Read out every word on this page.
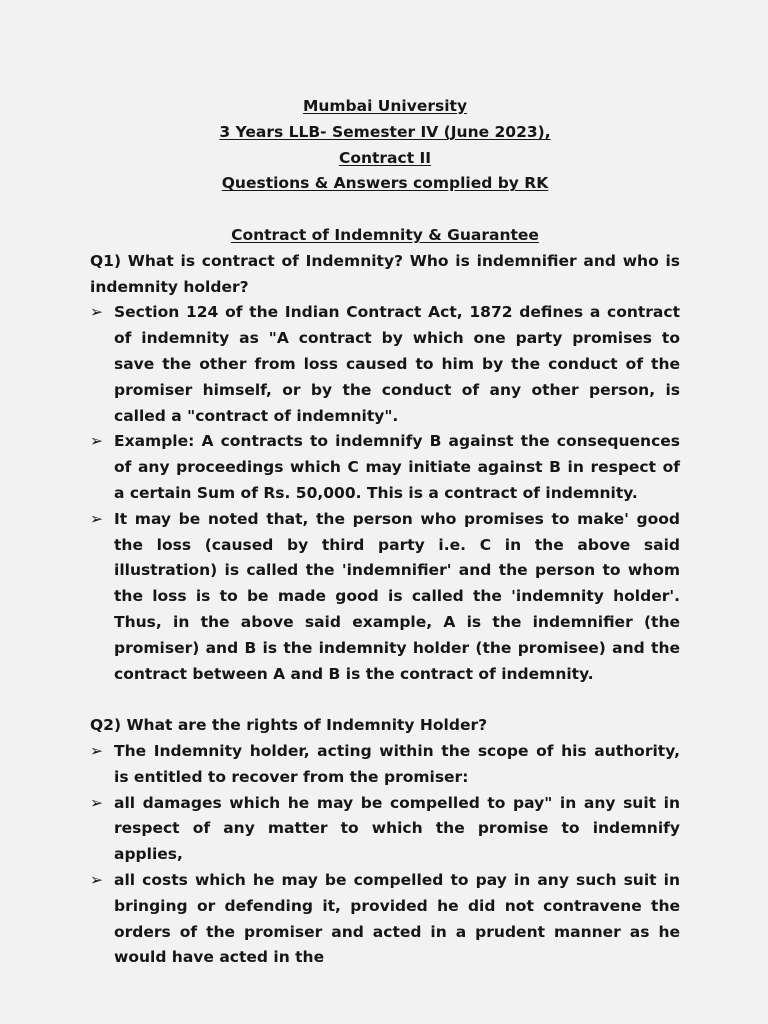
Mumbai University
3 Years LLB- Semester IV (June 2023),
Contract II
Questions & Answers complied by RK
Contract of Indemnity & Guarantee
Q1) What is contract of Indemnity? Who is indemnifier and who is indemnity holder?
➢ Section 124 of the Indian Contract Act, 1872 defines a contract of indemnity as "A contract by which one party promises to save the other from loss caused to him by the conduct of the promiser himself, or by the conduct of any other person, is called a "contract of indemnity".
➢ Example: A contracts to indemnify B against the consequences of any proceedings which C may initiate against B in respect of a certain Sum of Rs. 50,000. This is a contract of indemnity.
➢ It may be noted that, the person who promises to make' good the loss (caused by third party i.e. C in the above said illustration) is called the 'indemnifier' and the person to whom the loss is to be made good is called the 'indemnity holder'. Thus, in the above said example, A is the indemnifier (the promiser) and B is the indemnity holder (the promisee) and the contract between A and B is the contract of indemnity.
Q2) What are the rights of Indemnity Holder?
➢ The Indemnity holder, acting within the scope of his authority, is entitled to recover from the promiser:
➢ all damages which he may be compelled to pay" in any suit in respect of any matter to which the promise to indemnify applies,
➢ all costs which he may be compelled to pay in any such suit in bringing or defending it, provided he did not contravene the orders of the promiser and acted in a prudent manner as he would have acted in the
